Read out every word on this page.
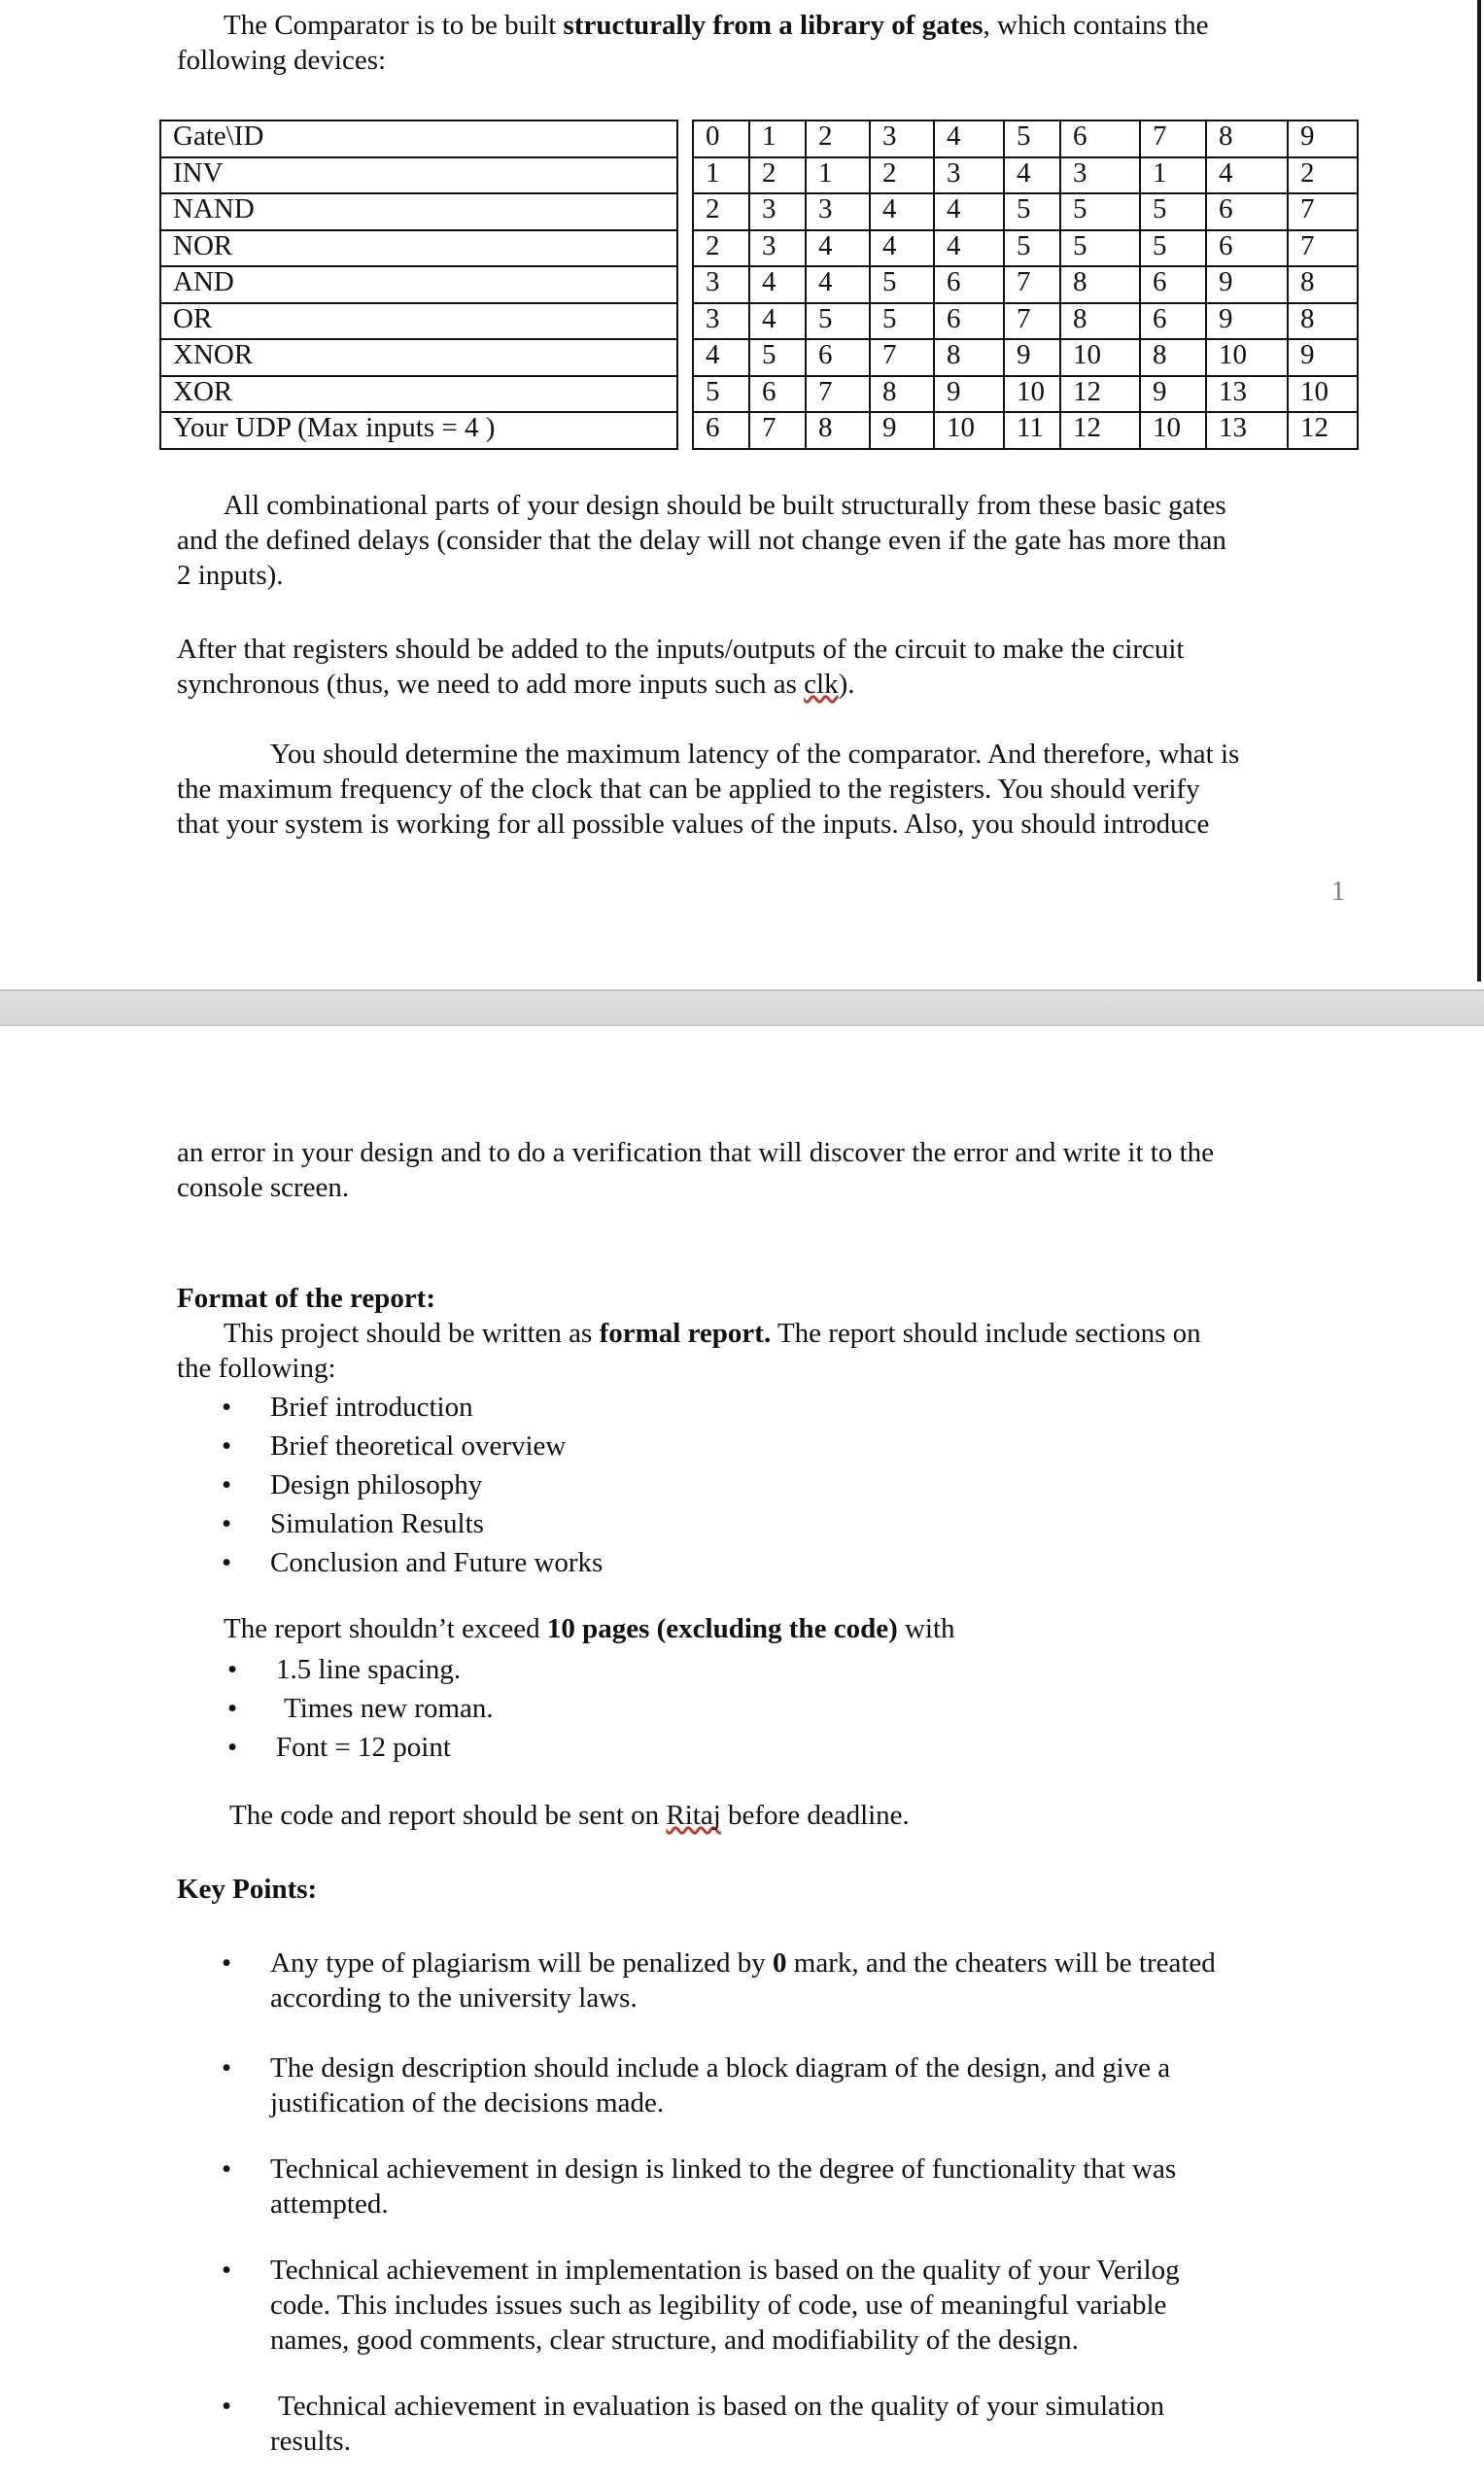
The Comparator is to be built structurally from a library of gates, which contains the
following devices:
Gate\ID		0	1	2	3	4	5	6	7	8	9
INV		1	2	1	2	3	4	3	1	4	2
NAND		2	3	3	4	4	5	5	5	6	7
NOR		2	3	4	4	4	5	5	5	6	7
AND		3	4	4	5	6	7	8	6	9	8
OR		3	4	5	5	6	7	8	6	9	8
XNOR		4	5	6	7	8	9	10	8	10	9
XOR		5	6	7	8	9	10	12	9	13	10
Your UDP (Max inputs = 4 )		6	7	8	9	10	11	12	10	13	12
All combinational parts of your design should be built structurally from these basic gates
and the defined delays (consider that the delay will not change even if the gate has more than
2 inputs).
After that registers should be added to the inputs/outputs of the circuit to make the circuit
synchronous (thus, we need to add more inputs such as clk).
You should determine the maximum latency of the comparator. And therefore, what is
the maximum frequency of the clock that can be applied to the registers. You should verify
that your system is working for all possible values of the inputs. Also, you should introduce
1
an error in your design and to do a verification that will discover the error and write it to the
console screen.
Format of the report:
This project should be written as formal report. The report should include sections on
the following:
• Brief introduction
• Brief theoretical overview
• Design philosophy
• Simulation Results
• Conclusion and Future works
The report shouldn’t exceed 10 pages (excluding the code) with
• 1.5 line spacing.
• Times new roman.
• Font = 12 point
The code and report should be sent on Ritaj before deadline.
Key Points:
• Any type of plagiarism will be penalized by 0 mark, and the cheaters will be treated
according to the university laws.
• The design description should include a block diagram of the design, and give a
justification of the decisions made.
• Technical achievement in design is linked to the degree of functionality that was
attempted.
• Technical achievement in implementation is based on the quality of your Verilog
code. This includes issues such as legibility of code, use of meaningful variable
names, good comments, clear structure, and modifiability of the design.
• Technical achievement in evaluation is based on the quality of your simulation
results.
